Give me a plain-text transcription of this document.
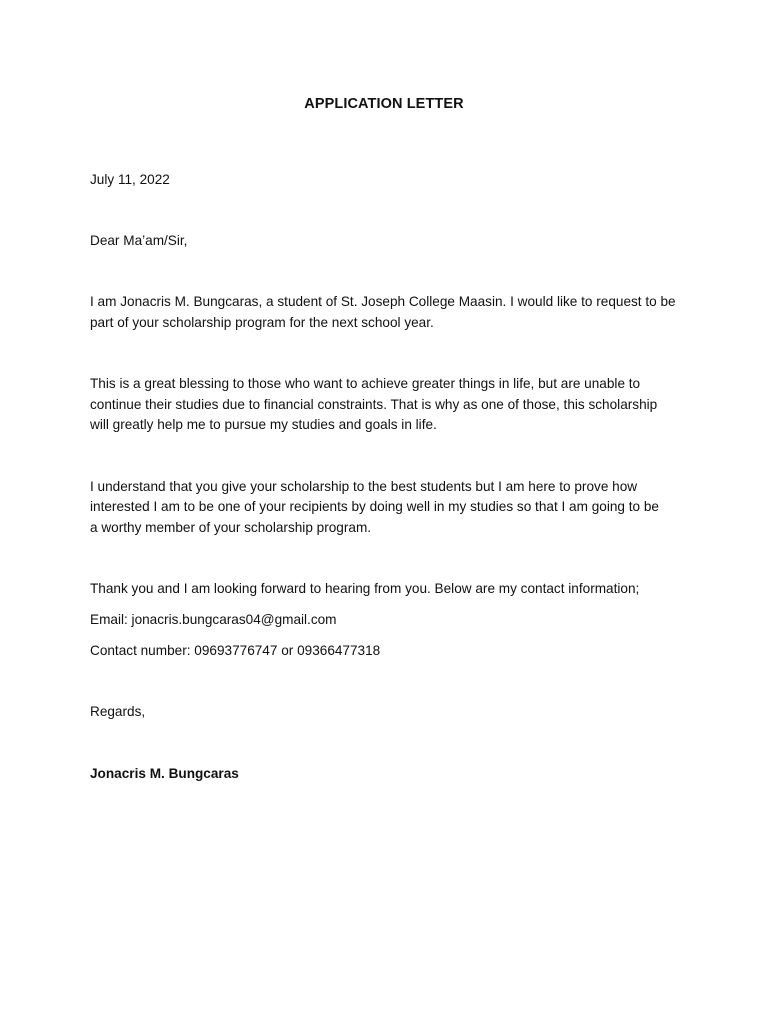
APPLICATION LETTER
July 11, 2022
Dear Ma’am/Sir,
I am Jonacris M. Bungcaras, a student of St. Joseph College Maasin. I would like to request to be
part of your scholarship program for the next school year.
This is a great blessing to those who want to achieve greater things in life, but are unable to
continue their studies due to financial constraints. That is why as one of those, this scholarship
will greatly help me to pursue my studies and goals in life.
I understand that you give your scholarship to the best students but I am here to prove how
interested I am to be one of your recipients by doing well in my studies so that I am going to be
a worthy member of your scholarship program.
Thank you and I am looking forward to hearing from you. Below are my contact information;
Email: jonacris.bungcaras04@gmail.com
Contact number: 09693776747 or 09366477318
Regards,
Jonacris M. Bungcaras
